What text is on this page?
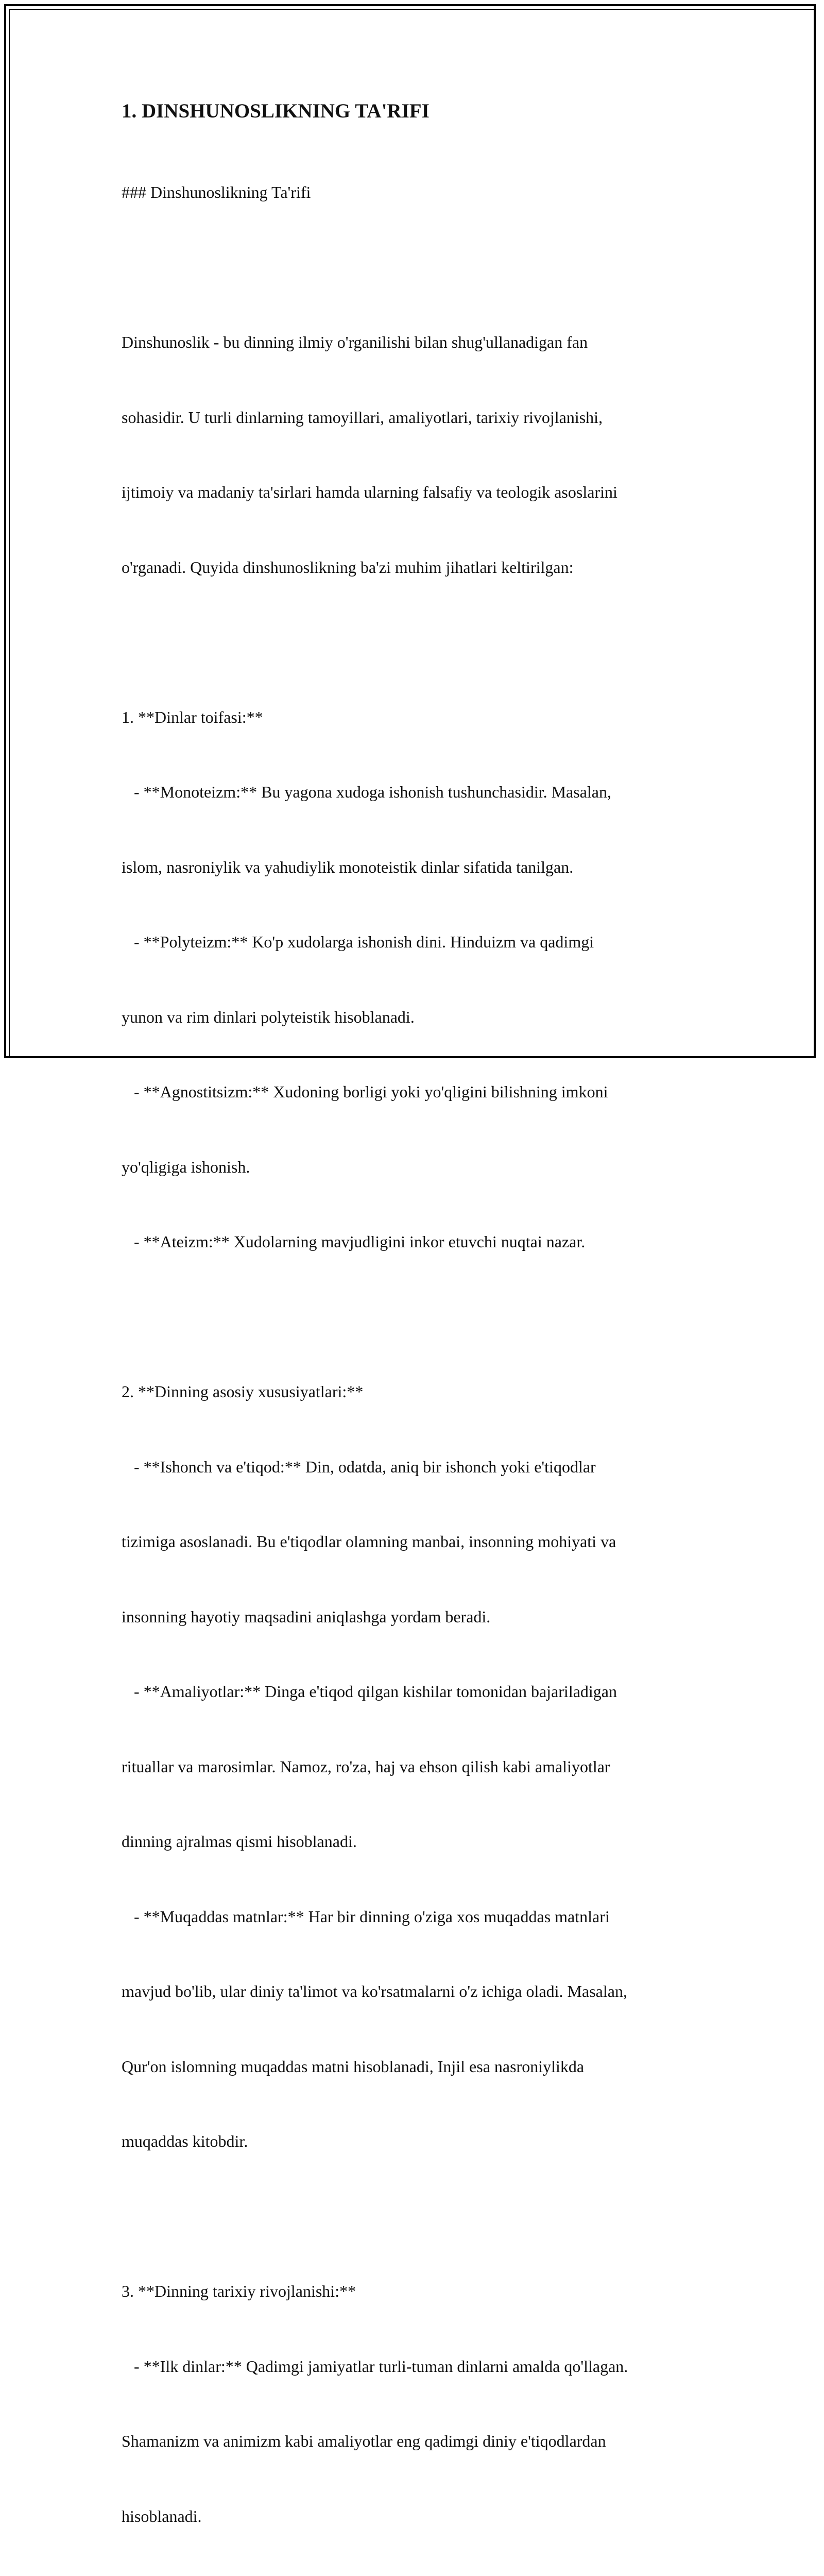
1. DINSHUNOSLIKNING TA'RIFI

### Dinshunoslikning Ta'rifi

Dinshunoslik - bu dinning ilmiy o'rganilishi bilan shug'ullanadigan fan

sohasidir. U turli dinlarning tamoyillari, amaliyotlari, tarixiy rivojlanishi,

ijtimoiy va madaniy ta'sirlari hamda ularning falsafiy va teologik asoslarini

o'rganadi. Quyida dinshunoslikning ba'zi muhim jihatlari keltirilgan:

1. **Dinlar toifasi:**

- **Monoteizm:** Bu yagona xudoga ishonish tushunchasidir. Masalan,

islom, nasroniylik va yahudiylik monoteistik dinlar sifatida tanilgan.

- **Polyteizm:** Ko'p xudolarga ishonish dini. Hinduizm va qadimgi

yunon va rim dinlari polyteistik hisoblanadi.

- **Agnostitsizm:** Xudoning borligi yoki yo'qligini bilishning imkoni

yo'qligiga ishonish.

- **Ateizm:** Xudolarning mavjudligini inkor etuvchi nuqtai nazar.

2. **Dinning asosiy xususiyatlari:**

- **Ishonch va e'tiqod:** Din, odatda, aniq bir ishonch yoki e'tiqodlar

tizimiga asoslanadi. Bu e'tiqodlar olamning manbai, insonning mohiyati va

insonning hayotiy maqsadini aniqlashga yordam beradi.

- **Amaliyotlar:** Dinga e'tiqod qilgan kishilar tomonidan bajariladigan

rituallar va marosimlar. Namoz, ro'za, haj va ehson qilish kabi amaliyotlar

dinning ajralmas qismi hisoblanadi.

- **Muqaddas matnlar:** Har bir dinning o'ziga xos muqaddas matnlari

mavjud bo'lib, ular diniy ta'limot va ko'rsatmalarni o'z ichiga oladi. Masalan,

Qur'on islomning muqaddas matni hisoblanadi, Injil esa nasroniylikda

muqaddas kitobdir.

3. **Dinning tarixiy rivojlanishi:**

- **Ilk dinlar:** Qadimgi jamiyatlar turli-tuman dinlarni amalda qo'llagan.

Shamanizm va animizm kabi amaliyotlar eng qadimgi diniy e'tiqodlardan

hisoblanadi.
